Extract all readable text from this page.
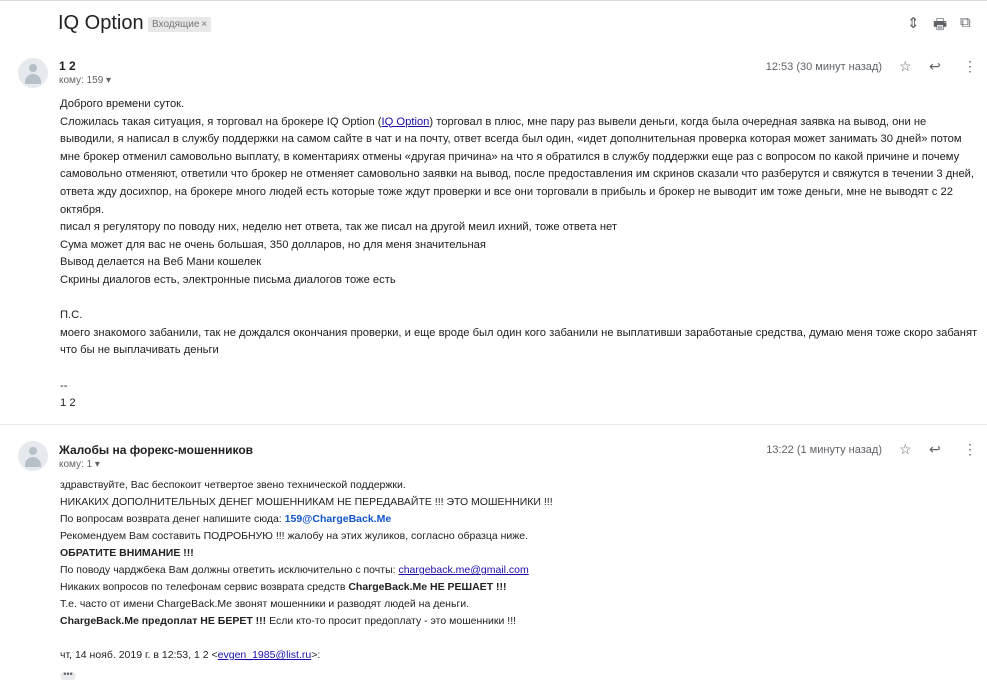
IQ Option Входящие ×	⇕ 🖶 ⧉
1 2
кому: 159 ▾
12:53 (30 минут назад) ☆ ↩ ⋮

Доброго времени суток.

Сложилась такая ситуация, я торговал на брокере IQ Option (IQ Option) торговал в плюс, мне пару раз вывели деньги, когда была очередная заявка на вывод, они не выводили, я написал в службу поддержки на самом сайте в чат и на почту, ответ всегда был один, «идет дополнительная проверка которая может занимать 30 дней» потом мне брокер отменил самовольно выплату, в коментариях отмены «другая причина» на что я обратился в службу поддержки еще раз с вопросом по какой причине и почему самовольно отменяют, ответили что брокер не отменяет самовольно заявки на вывод, после предоставления им скринов сказали что разберутся и свяжутся в течении 3 дней, ответа жду досихпор, на брокере много людей есть которые тоже ждут проверки и все они торговали в прибыль и брокер не выводит им тоже деньги, мне не выводят с 22 октября.

писал я регулятору по поводу них, неделю нет ответа, так же писал на другой меил ихний, тоже ответа нет

Сума может для вас не очень большая, 350 долларов, но для меня значительная

Вывод делается на Веб Мани кошелек

Скрины диалогов есть, электронные письма диалогов тоже есть

П.С.

моего знакомого забанили, так не дождался окончания проверки, и еще вроде был один кого забанили не выплативши заработаные средства, думаю меня тоже скоро забанят что бы не выплачивать деньги

--

1 2

Жалобы на форекс-мошенников
кому: 1 ▾
13:22 (1 минуту назад) ☆ ↩ ⋮

здравствуйте, Вас беспокоит четвертое звено технической поддержки.

НИКАКИХ ДОПОЛНИТЕЛЬНЫХ ДЕНЕГ МОШЕННИКАМ НЕ ПЕРЕДАВАЙТЕ !!! ЭТО МОШЕННИКИ !!!

По вопросам возврата денег напишите сюда: 159@ChargeBack.Me

Рекомендуем Вам составить ПОДРОБНУЮ !!! жалобу на этих жуликов, согласно образца ниже.

ОБРАТИТЕ ВНИМАНИЕ !!!

По поводу чарджбека Вам должны ответить исключительно с почты: chargeback.me@gmail.com

Никаких вопросов по телефонам сервис возврата средств ChargeBack.Me НЕ РЕШАЕТ !!!

Т.е. часто от имени ChargeBack.Me звонят мошенники и разводят людей на деньги.

ChargeBack.Me предоплат НЕ БЕРЕТ !!! Если кто-то просит предоплату - это мошенники !!!

чт, 14 нояб. 2019 г. в 12:53, 1 2 <evgen_1985@list.ru>:

•••
